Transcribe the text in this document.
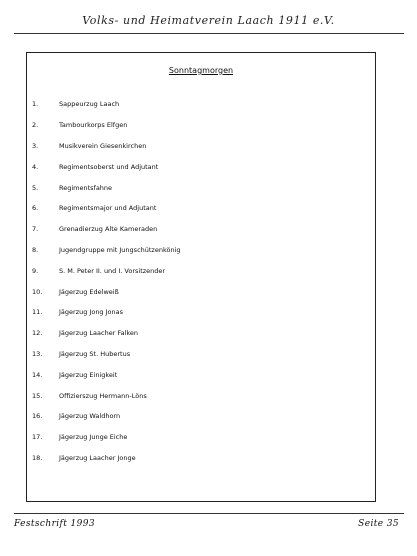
Volks- und Heimatverein Laach 1911 e.V.
Sonntagmorgen
1.	Sappeurzug Laach
2.	Tambourkorps Elfgen
3.	Musikverein Giesenkirchen
4.	Regimentsoberst und Adjutant
5.	Regimentsfahne
6.	Regimentsmajor und Adjutant
7.	Grenadierzug Alte Kameraden
8.	Jugendgruppe mit Jungschützenkönig
9.	S. M. Peter II. und I. Vorsitzender
10.	Jägerzug Edelweiß
11.	Jägerzug Jong Jonas
12.	Jägerzug Laacher Falken
13.	Jägerzug St. Hubertus
14.	Jägerzug Einigkeit
15.	Offizierszug Hermann-Löns
16.	Jägerzug Waldhorn
17.	Jägerzug Junge Eiche
18.	Jägerzug Laacher Jonge
Festschrift 1993	Seite 35
